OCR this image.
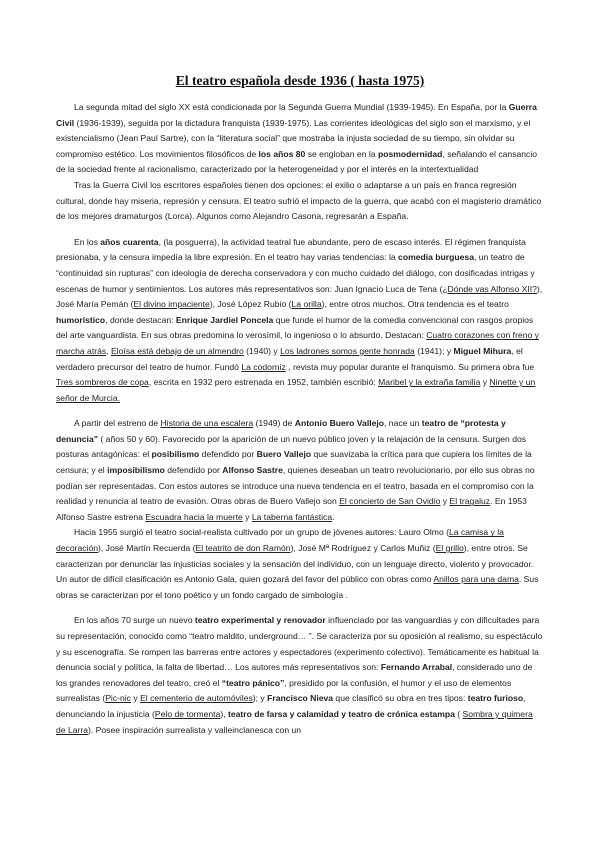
El teatro española desde 1936 ( hasta 1975)

La segunda mitad del siglo XX está condicionada por la Segunda Guerra Mundial (1939-1945). En España, por la Guerra Civil (1936-1939), seguida por la dictadura franquista (1939-1975). Las corrientes ideológicas del siglo son el marxismo, y el existencialismo (Jean Paul Sartre), con la “literatura social” que mostraba la injusta sociedad de su tiempo, sin olvidar su compromiso estético. Los movimientos filosóficos de los años 80 se engloban en la posmodernidad, señalando el cansancio de la sociedad frente al racionalismo, caracterizado por la heterogeneidad y por el interés en la intertextualidad

Tras la Guerra Civil los escritores españoles tienen dos opciones: el exilio o adaptarse a un país en franca regresión cultural, donde hay miseria, represión y censura. El teatro sufrió el impacto de la guerra, que acabó con el magisterio dramático de los mejores dramaturgos (Lorca). Algunos como Alejandro Casona, regresarán a España.

En los años cuarenta, (la posguerra), la actividad teatral fue abundante, pero de escaso interés. El régimen franquista presionaba, y la censura impedía la libre expresión. En el teatro hay varias tendencias: la comedia burguesa, un teatro de “continuidad sin rupturas” con ideología de derecha conservadora y con mucho cuidado del diálogo, con dosificadas intrigas y escenas de humor y sentimientos. Los autores más representativos son: Juan Ignacio Luca de Tena (¿Dónde vas Alfonso XII?), José María Pemán (El divino impaciente), José López Rubio (La orilla), entre otros muchos. Otra tendencia es el teatro humorístico, donde destacan: Enrique Jardiel Poncela que funde el humor de la comedia convencional con rasgos propios del arte vanguardista. En sus obras predomina lo verosímil, lo ingenioso o lo absurdo. Destacan: Cuatro corazones con freno y marcha atrás, Eloísa está debajo de un almendro (1940) y Los ladrones somos gente honrada (1941); y Miguel Mihura, el verdadero precursor del teatro de humor. Fundó La codorniz , revista muy popular durante el franquismo. Su primera obra fue Tres sombreros de copa, escrita en 1932 pero estrenada en 1952, también escribió: Maribel y la extraña familia y Ninette y un señor de Murcia.

A partir del estreno de Historia de una escalera (1949) de Antonio Buero Vallejo, nace un teatro de “protesta y denuncia” ( años 50 y 60). Favorecido por la aparición de un nuevo público joven y la relajación de la censura. Surgen dos posturas antagónicas: el posibilismo defendido por Buero Vallejo que suavizaba la crítica para que cupiera los límites de la censura; y el imposibilismo defendido por Alfonso Sastre, quienes deseaban un teatro revolucionario, por ello sus obras no podían ser representadas. Con estos autores se introduce una nueva tendencia en el teatro, basada en el compromiso con la realidad y renuncia al teatro de evasión. Otras obras de Buero Vallejo son El concierto de San Ovidio y El tragaluz. En 1953 Alfonso Sastre estrena Escuadra hacia la muerte y La taberna fantástica.

Hacia 1955 surgió el teatro social-realista cultivado por un grupo de jóvenes autores: Lauro Olmo (La camisa y la decoración), José Martín Recuerda (El teatrito de don Ramón), José Mª Rodríguez y Carlos Muñiz (El grillo), entre otros. Se caracterizan por denunciar las injusticias sociales y la sensación del individuo, con un lenguaje directo, violento y provocador. Un autor de difícil clasificación es Antonio Gala, quien gozará del favor del público con obras como Anillos para una dama. Sus obras se caracterizan por el tono poético y un fondo cargado de simbología .

En los años 70 surge un nuevo teatro experimental y renovador influenciado por las vanguardias y con dificultades para su representación, conocido como “teatro maldito, underground… ”. Se caracteriza por su oposición al realismo, su espectáculo y su escenografía. Se rompen las barreras entre actores y espectadores (experimento colectivo). Temáticamente es habitual la denuncia social y política, la falta de libertad… Los autores más representativos son: Fernando Arrabal, considerado uno de los grandes renovadores del teatro, creó el “teatro pánico”, presidido por la confusión, el humor y el uso de elementos surrealistas (Pic-nic y El cementerio de automóviles); y Francisco Nieva que clasificó su obra en tres tipos: teatro furioso, denunciando la injusticia (Pelo de tormenta), teatro de farsa y calamidad y teatro de crónica estampa ( Sombra y quimera de Larra). Posee inspiración surrealista y valleinclanesca con un
